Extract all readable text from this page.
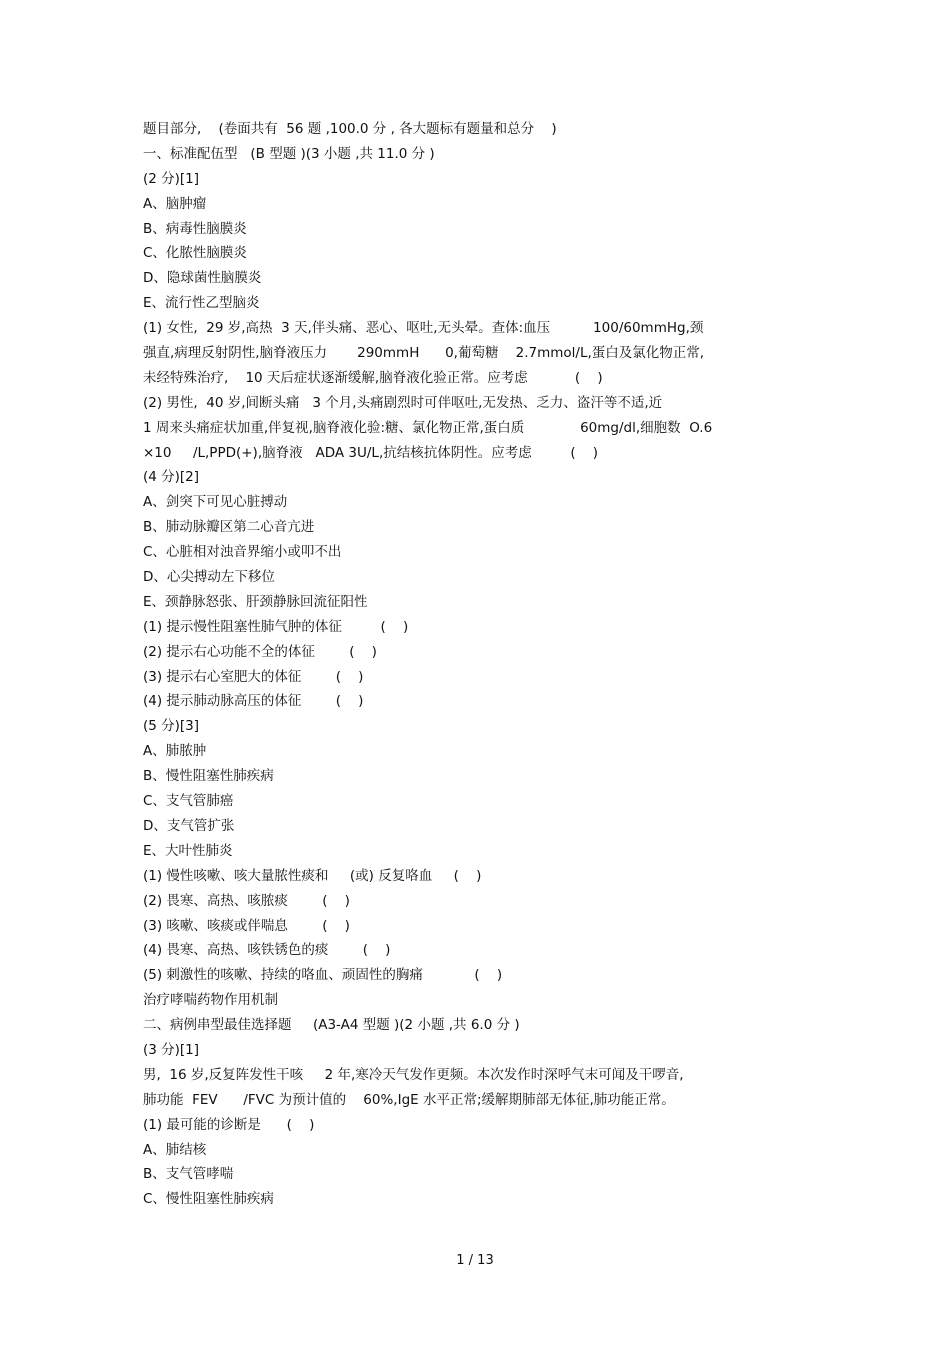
题目部分,    (卷面共有  56 题 ,100.0 分 , 各大题标有题量和总分    )
一、标准配伍型   (B 型题 )(3 小题 ,共 11.0 分 )
(2 分)[1]
A、脑肿瘤
B、病毒性脑膜炎
C、化脓性脑膜炎
D、隐球菌性脑膜炎
E、流行性乙型脑炎
(1) 女性,  29 岁,高热  3 天,伴头痛、恶心、呕吐,无头晕。查体:血压          100/60mmHg,颈
强直,病理反射阴性,脑脊液压力       290mmH      0,葡萄糖    2.7mmol/L,蛋白及氯化物正常,
未经特殊治疗,    10 天后症状逐渐缓解,脑脊液化验正常。应考虑           (    )
(2) 男性,  40 岁,间断头痛   3 个月,头痛剧烈时可伴呕吐,无发热、乏力、盗汗等不适,近
1 周来头痛症状加重,伴复视,脑脊液化验:糖、氯化物正常,蛋白质             60mg/dl,细胞数  O.6
×10     /L,PPD(+),脑脊液   ADA 3U/L,抗结核抗体阴性。应考虑         (    )
(4 分)[2]
A、剑突下可见心脏搏动
B、肺动脉瓣区第二心音亢进
C、心脏相对浊音界缩小或叩不出
D、心尖搏动左下移位
E、颈静脉怒张、肝颈静脉回流征阳性
(1) 提示慢性阻塞性肺气肿的体征         (    )
(2) 提示右心功能不全的体征        (    )
(3) 提示右心室肥大的体征        (    )
(4) 提示肺动脉高压的体征        (    )
(5 分)[3]
A、肺脓肿
B、慢性阻塞性肺疾病
C、支气管肺癌
D、支气管扩张
E、大叶性肺炎
(1) 慢性咳嗽、咳大量脓性痰和     (或) 反复咯血     (    )
(2) 畏寒、高热、咳脓痰        (    )
(3) 咳嗽、咳痰或伴喘息        (    )
(4) 畏寒、高热、咳铁锈色的痰        (    )
(5) 刺激性的咳嗽、持续的咯血、顽固性的胸痛            (    )
治疗哮喘药物作用机制
二、病例串型最佳选择题     (A3-A4 型题 )(2 小题 ,共 6.0 分 )
(3 分)[1]
男,  16 岁,反复阵发性干咳     2 年,寒冷天气发作更频。本次发作时深呼气末可闻及干啰音,
肺功能  FEV      /FVC 为预计值的    60%,IgE 水平正常;缓解期肺部无体征,肺功能正常。
(1) 最可能的诊断是      (    )
A、肺结核
B、支气管哮喘
C、慢性阻塞性肺疾病
1 / 13
